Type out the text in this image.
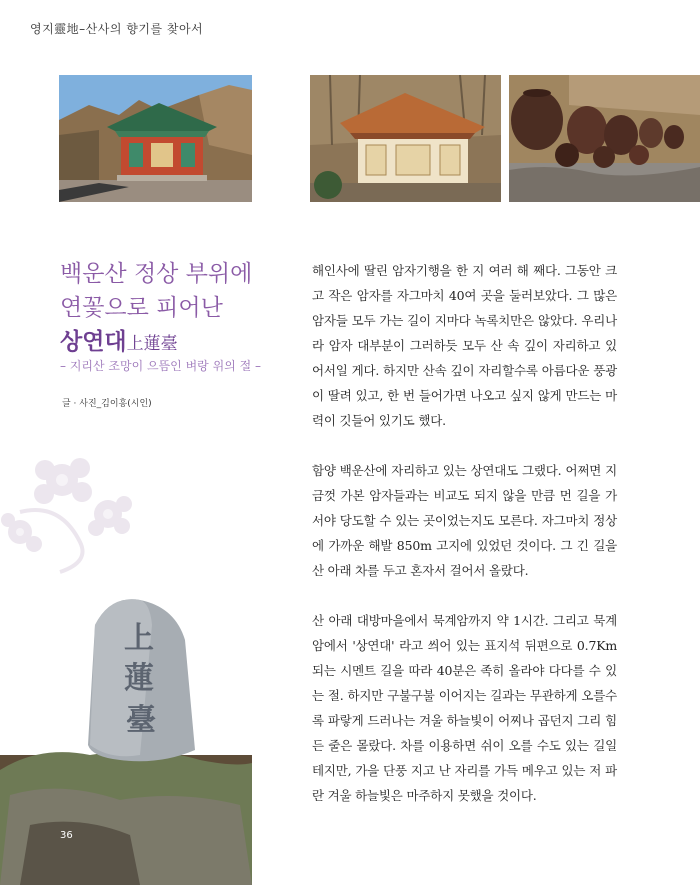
영지靈地–산사의 향기를 찾아서
백운산 정상 부위에
연꽃으로 피어난
상연대上蓮臺
– 지리산 조망이 으뜸인 벼랑 위의 절 –
글 · 사진_김이흥(시인)
上
蓮
臺
36

해인사에 딸린 암자기행을 한 지 여러 해 째다. 그동안 크고 작은 암자를 자그마치 40여 곳을 둘러보았다. 그 많은 암자들 모두 가는 길이 지마다 녹록치만은 않았다. 우리나라 암자 대부분이 그러하듯 모두 산 속 깊이 자리하고 있어서일 게다. 하지만 산속 깊이 자리할수록 아름다운 풍광이 딸려 있고, 한 번 들어가면 나오고 싶지 않게 만드는 마력이 깃들어 있기도 했다.

함양 백운산에 자리하고 있는 상연대도 그랬다. 어쩌면 지금껏 가본 암자들과는 비교도 되지 않을 만큼 먼 길을 가서야 당도할 수 있는 곳이었는지도 모른다. 자그마치 정상에 가까운 해발 850m 고지에 있었던 것이다. 그 긴 길을 산 아래 차를 두고 혼자서 걸어서 올랐다.

산 아래 대방마을에서 묵계암까지 약 1시간. 그리고 묵계암에서 '상연대' 라고 씌어 있는 표지석 뒤편으로 0.7Km 되는 시멘트 길을 따라 40분은 족히 올라야 다다를 수 있는 절. 하지만 구불구불 이어지는 길과는 무관하게 오를수록 파랗게 드러나는 겨울 하늘빛이 어찌나 곱던지 그리 힘든 줄은 몰랐다. 차를 이용하면 쉬이 오를 수도 있는 길일 테지만, 가을 단풍 지고 난 자리를 가득 메우고 있는 저 파란 겨울 하늘빛은 마주하지 못했을 것이다.
